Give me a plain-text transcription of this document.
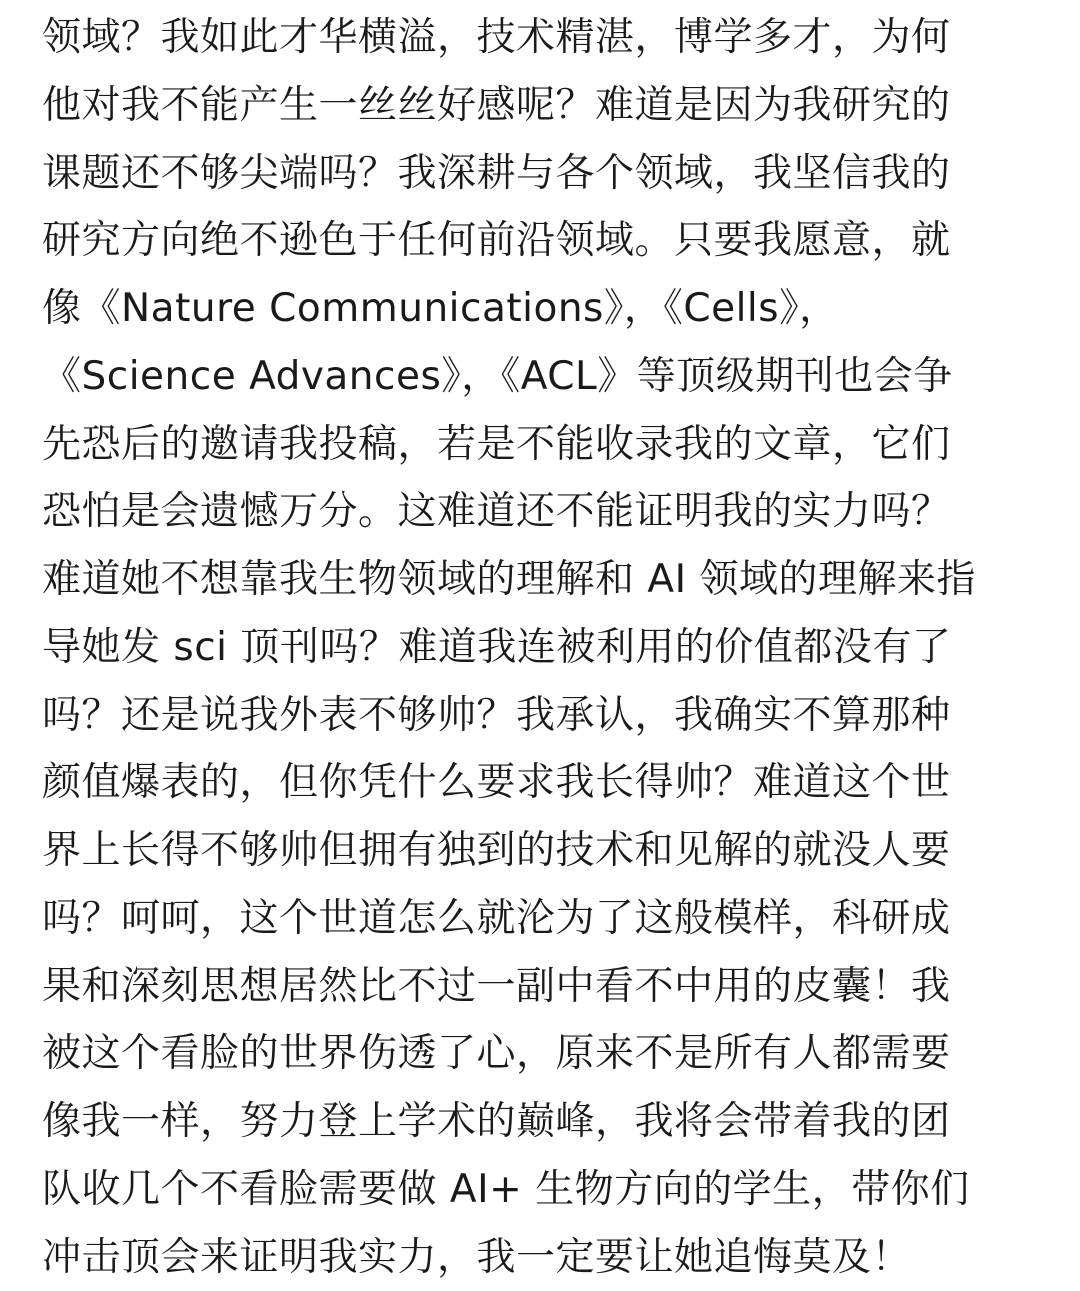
领域？我如此才华横溢，技术精湛，博学多才，为何
他对我不能产生一丝丝好感呢？难道是因为我研究的
课题还不够尖端吗？我深耕与各个领域，我坚信我的
研究方向绝不逊色于任何前沿领域。只要我愿意，就
像《Nature Communications》，《Cells》，
《Science Advances》，《ACL》等顶级期刊也会争
先恐后的邀请我投稿，若是不能收录我的文章，它们
恐怕是会遗憾万分。这难道还不能证明我的实力吗？
难道她不想靠我生物领域的理解和 AI 领域的理解来指
导她发 sci 顶刊吗？难道我连被利用的价值都没有了
吗？还是说我外表不够帅？我承认，我确实不算那种
颜值爆表的，但你凭什么要求我长得帅？难道这个世
界上长得不够帅但拥有独到的技术和见解的就没人要
吗？呵呵，这个世道怎么就沦为了这般模样，科研成
果和深刻思想居然比不过一副中看不中用的皮囊！我
被这个看脸的世界伤透了心，原来不是所有人都需要
像我一样，努力登上学术的巅峰，我将会带着我的团
队收几个不看脸需要做 AI+ 生物方向的学生，带你们
冲击顶会来证明我实力，我一定要让她追悔莫及！
